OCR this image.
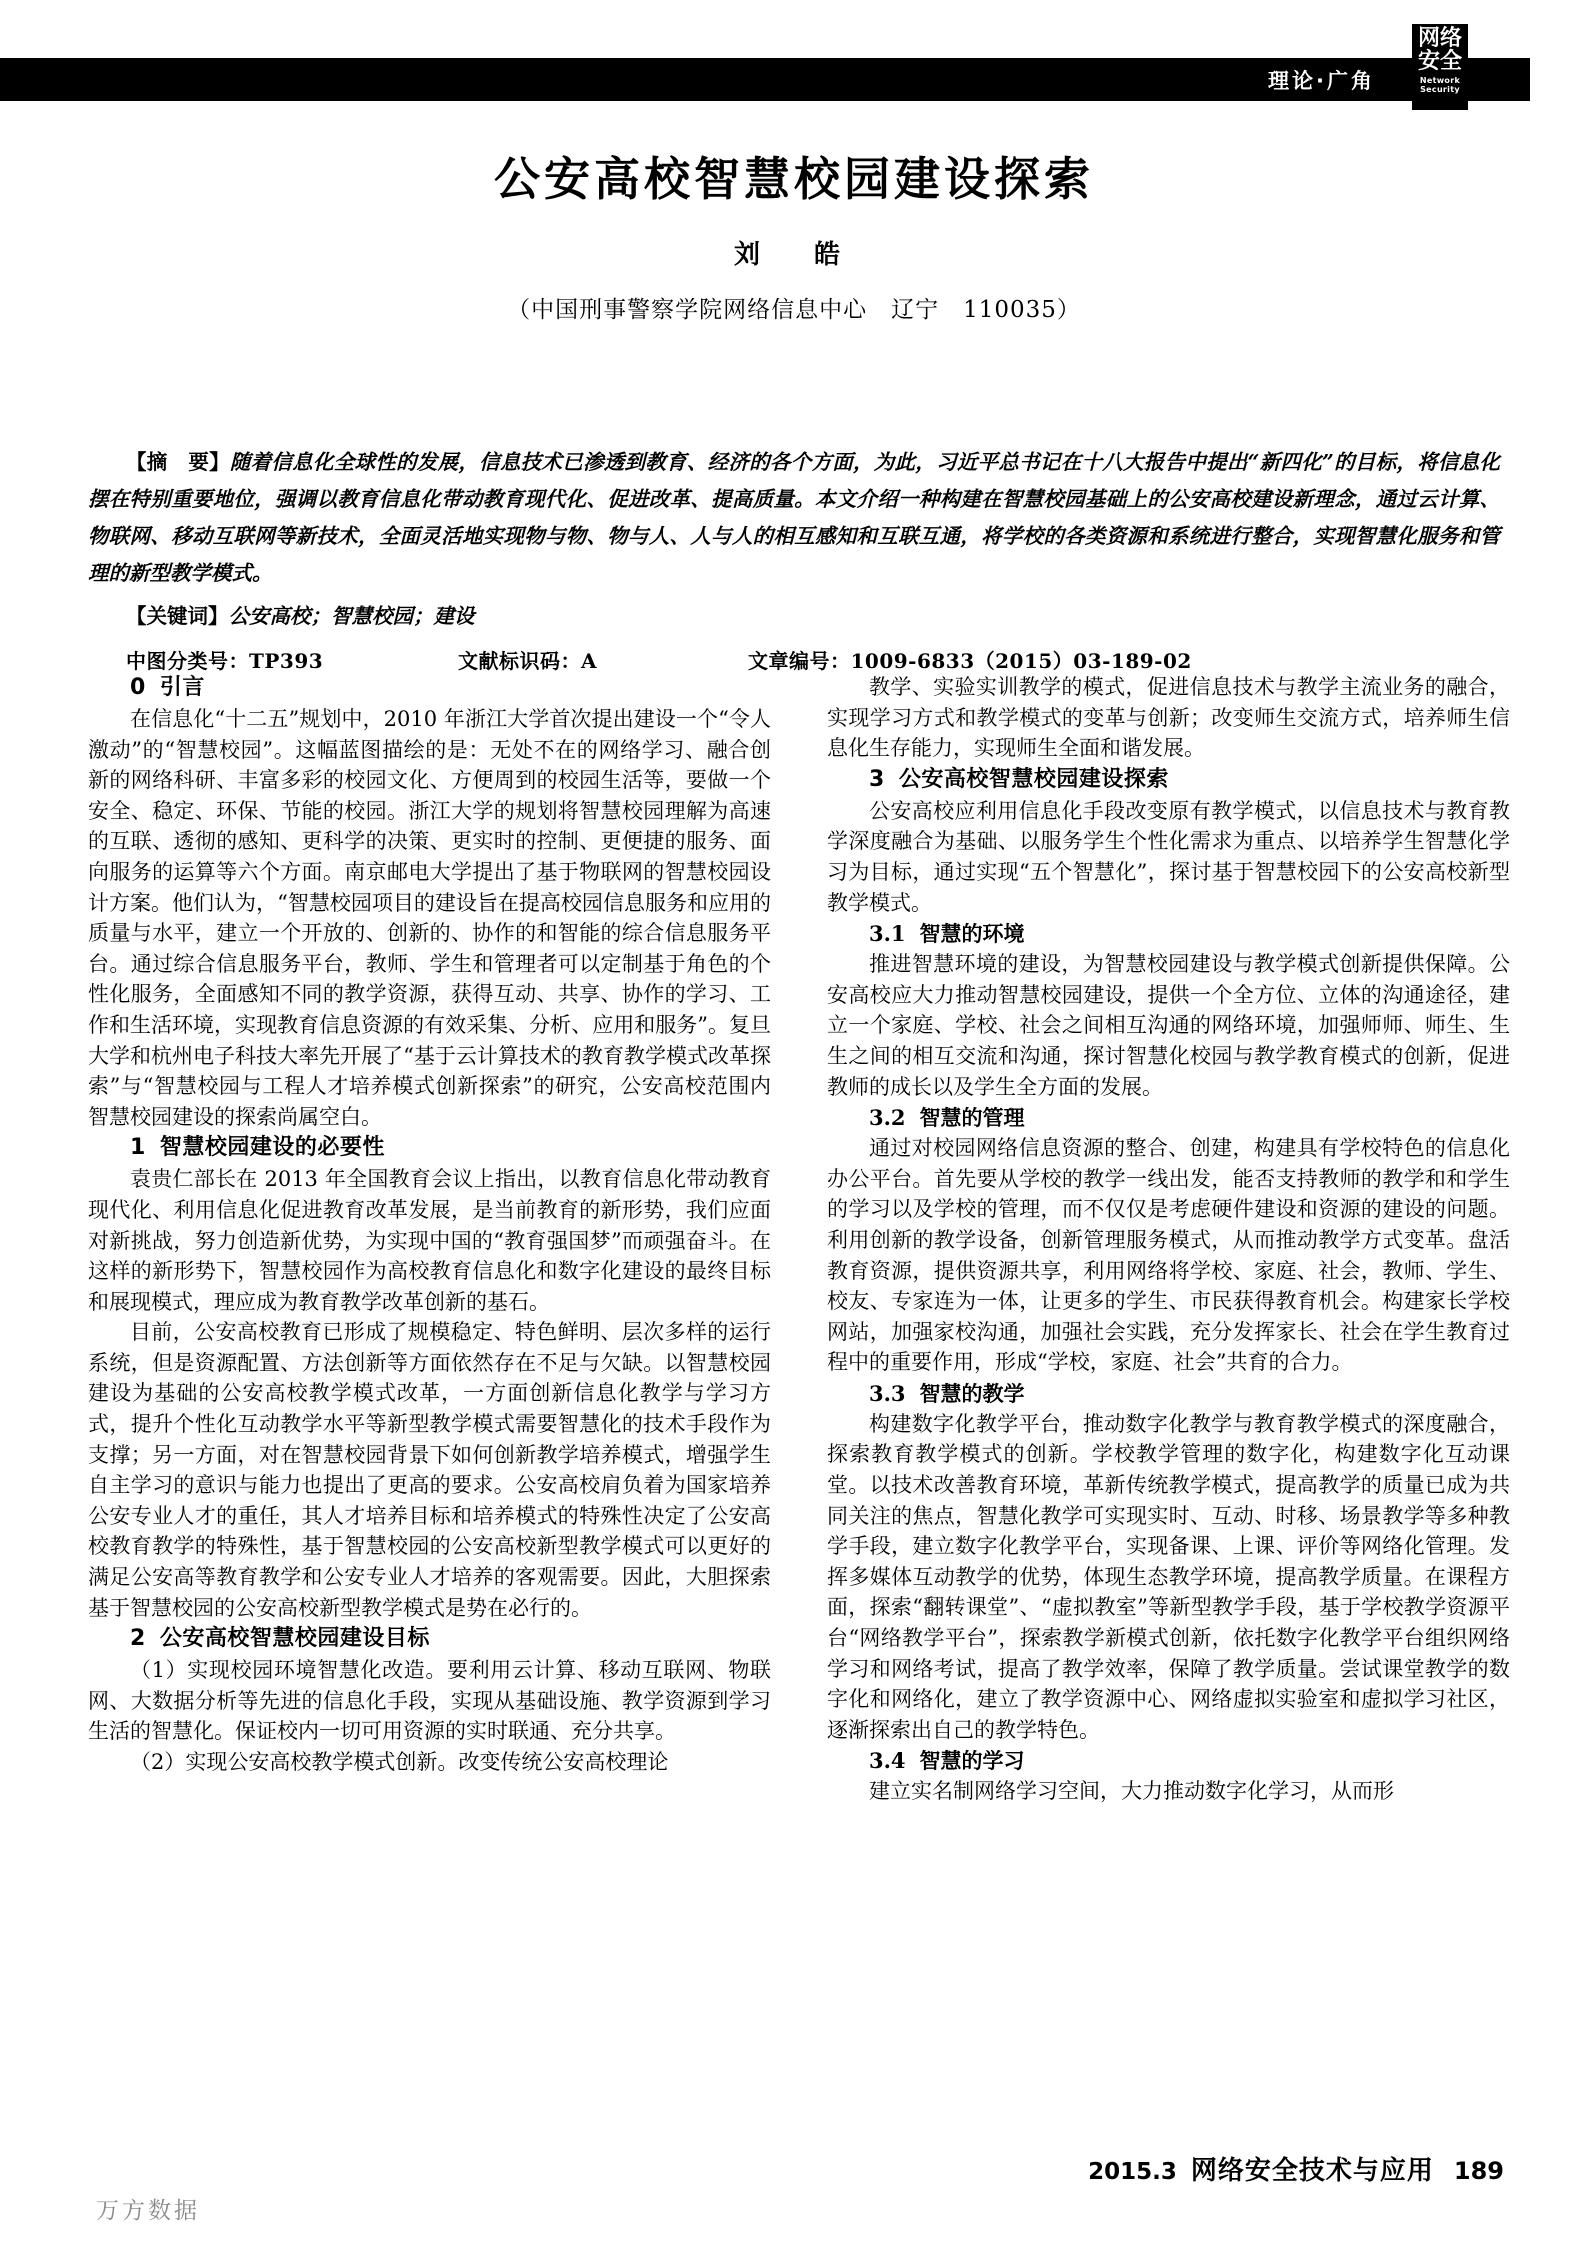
理论·广角
网络安全
Network Security
公安高校智慧校园建设探索
刘　皓
（中国刑事警察学院网络信息中心　辽宁　110035）

【摘　要】随着信息化全球性的发展，信息技术已渗透到教育、经济的各个方面，为此，习近平总书记在十八大报告中提出“新四化”的目标，将信息化摆在特别重要地位，强调以教育信息化带动教育现代化、促进改革、提高质量。本文介绍一种构建在智慧校园基础上的公安高校建设新理念，通过云计算、物联网、移动互联网等新技术，全面灵活地实现物与物、物与人、人与人的相互感知和互联互通，将学校的各类资源和系统进行整合，实现智慧化服务和管理的新型教学模式。

【关键词】公安高校；智慧校园；建设

中图分类号：TP393	文献标识码：A	文章编号：1009-6833（2015）03-189-02

0 引言

在信息化“十二五”规划中，2010 年浙江大学首次提出建设一个“令人激动”的“智慧校园”。这幅蓝图描绘的是：无处不在的网络学习、融合创新的网络科研、丰富多彩的校园文化、方便周到的校园生活等，要做一个安全、稳定、环保、节能的校园。浙江大学的规划将智慧校园理解为高速的互联、透彻的感知、更科学的决策、更实时的控制、更便捷的服务、面向服务的运算等六个方面。南京邮电大学提出了基于物联网的智慧校园设计方案。他们认为，“智慧校园项目的建设旨在提高校园信息服务和应用的质量与水平，建立一个开放的、创新的、协作的和智能的综合信息服务平台。通过综合信息服务平台，教师、学生和管理者可以定制基于角色的个性化服务，全面感知不同的教学资源，获得互动、共享、协作的学习、工作和生活环境，实现教育信息资源的有效采集、分析、应用和服务”。复旦大学和杭州电子科技大率先开展了“基于云计算技术的教育教学模式改革探索”与“智慧校园与工程人才培养模式创新探索”的研究，公安高校范围内智慧校园建设的探索尚属空白。

1 智慧校园建设的必要性

袁贵仁部长在 2013 年全国教育会议上指出，以教育信息化带动教育现代化、利用信息化促进教育改革发展，是当前教育的新形势，我们应面对新挑战，努力创造新优势，为实现中国的“教育强国梦”而顽强奋斗。在这样的新形势下，智慧校园作为高校教育信息化和数字化建设的最终目标和展现模式，理应成为教育教学改革创新的基石。

目前，公安高校教育已形成了规模稳定、特色鲜明、层次多样的运行系统，但是资源配置、方法创新等方面依然存在不足与欠缺。以智慧校园建设为基础的公安高校教学模式改革，一方面创新信息化教学与学习方式，提升个性化互动教学水平等新型教学模式需要智慧化的技术手段作为支撑；另一方面，对在智慧校园背景下如何创新教学培养模式，增强学生自主学习的意识与能力也提出了更高的要求。公安高校肩负着为国家培养公安专业人才的重任，其人才培养目标和培养模式的特殊性决定了公安高校教育教学的特殊性，基于智慧校园的公安高校新型教学模式可以更好的满足公安高等教育教学和公安专业人才培养的客观需要。因此，大胆探索基于智慧校园的公安高校新型教学模式是势在必行的。

2 公安高校智慧校园建设目标

（1）实现校园环境智慧化改造。要利用云计算、移动互联网、物联网、大数据分析等先进的信息化手段，实现从基础设施、教学资源到学习生活的智慧化。保证校内一切可用资源的实时联通、充分共享。

（2）实现公安高校教学模式创新。改变传统公安高校理论

教学、实验实训教学的模式，促进信息技术与教学主流业务的融合，实现学习方式和教学模式的变革与创新；改变师生交流方式，培养师生信息化生存能力，实现师生全面和谐发展。

3 公安高校智慧校园建设探索

公安高校应利用信息化手段改变原有教学模式，以信息技术与教育教学深度融合为基础、以服务学生个性化需求为重点、以培养学生智慧化学习为目标，通过实现“五个智慧化”，探讨基于智慧校园下的公安高校新型教学模式。

3.1 智慧的环境

推进智慧环境的建设，为智慧校园建设与教学模式创新提供保障。公安高校应大力推动智慧校园建设，提供一个全方位、立体的沟通途径，建立一个家庭、学校、社会之间相互沟通的网络环境，加强师师、师生、生生之间的相互交流和沟通，探讨智慧化校园与教学教育模式的创新，促进教师的成长以及学生全方面的发展。

3.2 智慧的管理

通过对校园网络信息资源的整合、创建，构建具有学校特色的信息化办公平台。首先要从学校的教学一线出发，能否支持教师的教学和和学生的学习以及学校的管理，而不仅仅是考虑硬件建设和资源的建设的问题。利用创新的教学设备，创新管理服务模式，从而推动教学方式变革。盘活教育资源，提供资源共享，利用网络将学校、家庭、社会，教师、学生、校友、专家连为一体，让更多的学生、市民获得教育机会。构建家长学校网站，加强家校沟通，加强社会实践，充分发挥家长、社会在学生教育过程中的重要作用，形成“学校，家庭、社会”共育的合力。

3.3 智慧的教学

构建数字化教学平台，推动数字化教学与教育教学模式的深度融合，探索教育教学模式的创新。学校教学管理的数字化，构建数字化互动课堂。以技术改善教育环境，革新传统教学模式，提高教学的质量已成为共同关注的焦点，智慧化教学可实现实时、互动、时移、场景教学等多种教学手段，建立数字化教学平台，实现备课、上课、评价等网络化管理。发挥多媒体互动教学的优势，体现生态教学环境，提高教学质量。在课程方面，探索“翻转课堂”、“虚拟教室”等新型教学手段，基于学校教学资源平台“网络教学平台”，探索教学新模式创新，依托数字化教学平台组织网络学习和网络考试，提高了教学效率，保障了教学质量。尝试课堂教学的数字化和网络化，建立了教学资源中心、网络虚拟实验室和虚拟学习社区，逐渐探索出自己的教学特色。

3.4 智慧的学习

建立实名制网络学习空间，大力推动数字化学习，从而形

2015.3 网络安全技术与应用 189
万方数据
